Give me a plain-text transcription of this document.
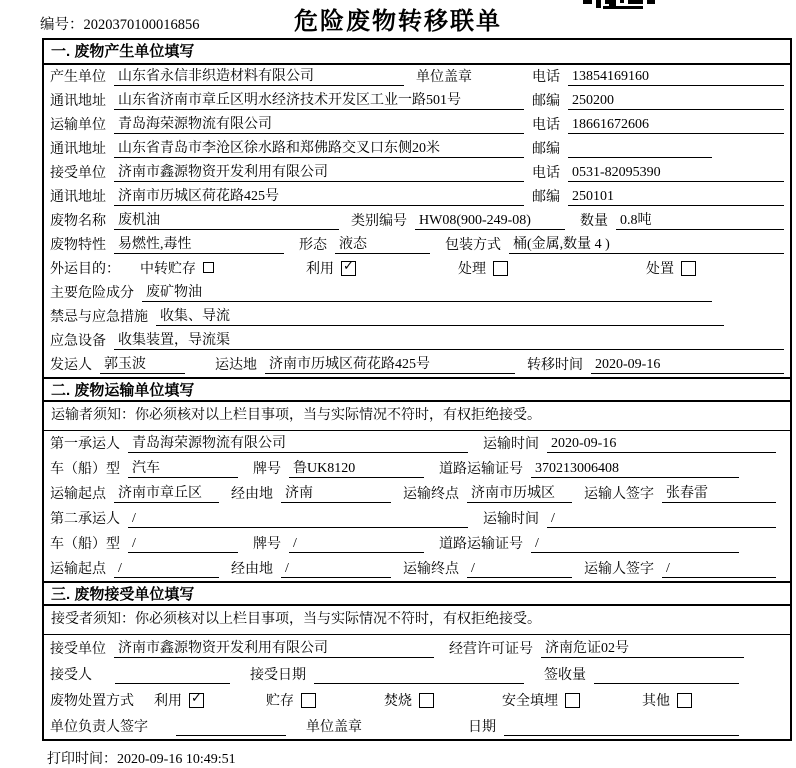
编号：2020370100016856	危险废物转移联单
一. 废物产生单位填写
产生单位 山东省永信非织造材料有限公司	单位盖章	电话 13854169160
通讯地址 山东省济南市章丘区明水经济技术开发区工业一路501号	邮编 250200
运输单位 青岛海荣源物流有限公司	电话 18661672606
通讯地址 山东省青岛市李沧区徐水路和郑佛路交叉口东侧20米	邮编
接受单位 济南市鑫源物资开发利用有限公司	电话 0531-82095390
通讯地址 济南市历城区荷花路425号	邮编 250101
废物名称 废机油	类别编号 HW08(900-249-08)	数量 0.8吨
废物特性 易燃性,毒性	形态 液态	包装方式 桶(金属,数量 4 )
外运目的： 中转贮存	利用 ✓	处理	处置
主要危险成分 废矿物油
禁忌与应急措施 收集、导流
应急设备 收集装置，导流渠
发运人 郭玉波	运达地 济南市历城区荷花路425号	转移时间 2020-09-16
二. 废物运输单位填写
运输者须知：你必须核对以上栏目事项，当与实际情况不符时，有权拒绝接受。
第一承运人 青岛海荣源物流有限公司	运输时间 2020-09-16
车（船）型 汽车	牌号 鲁UK8120	道路运输证号 370213006408
运输起点 济南市章丘区	经由地 济南	运输终点 济南市历城区	运输人签字 张春雷
第二承运人 /	运输时间 /
车（船）型 /	牌号 /	道路运输证号 /
运输起点 /	经由地 /	运输终点 /	运输人签字 /
三. 废物接受单位填写
接受者须知：你必须核对以上栏目事项，当与实际情况不符时，有权拒绝接受。
接受单位 济南市鑫源物资开发利用有限公司	经营许可证号 济南危证02号
接受人	接受日期	签收量
废物处置方式 利用 ✓	贮存	焚烧	安全填埋	其他
单位负责人签字	单位盖章	日期
打印时间：2020-09-16 10:49:51
